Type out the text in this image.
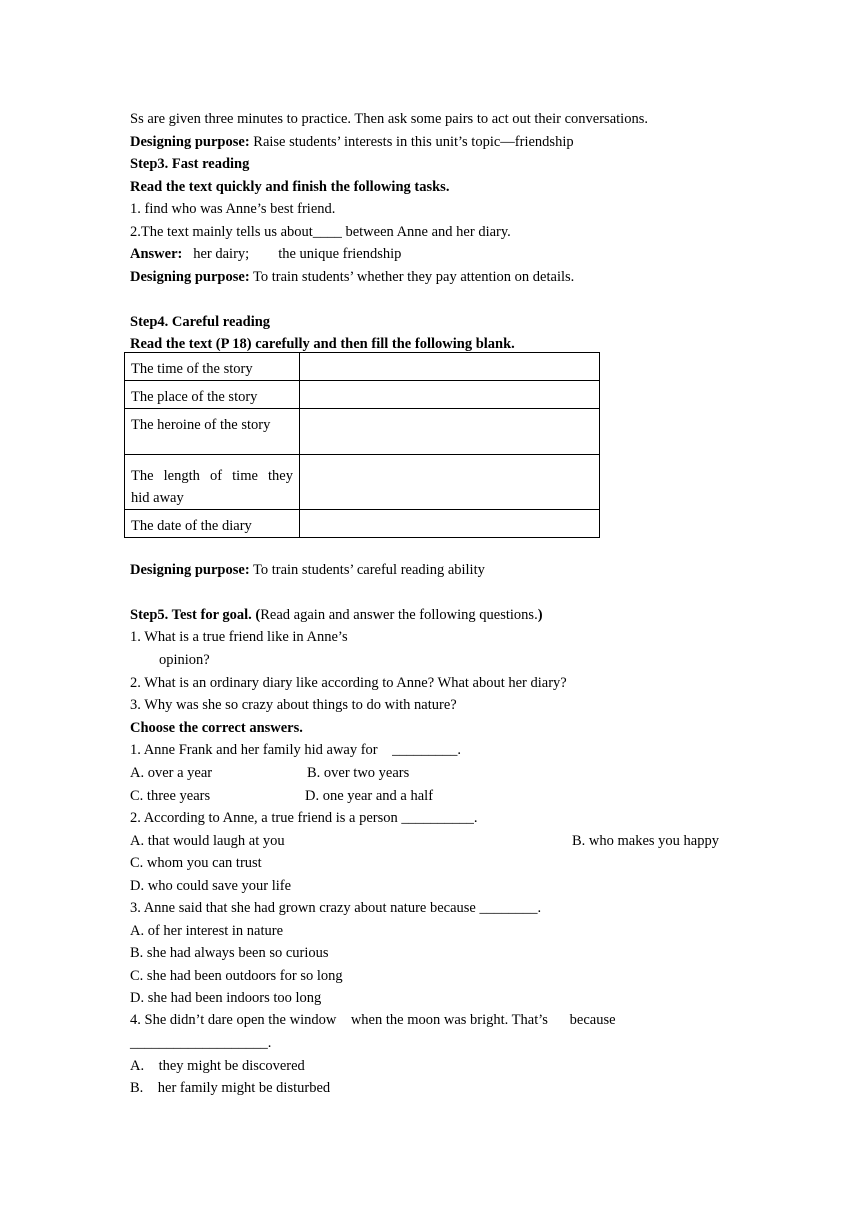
Ss are given three minutes to practice. Then ask some pairs to act out their conversations.
Designing purpose: Raise students’ interests in this unit’s topic—friendship
Step3. Fast reading
Read the text quickly and finish the following tasks.
1. find who was Anne’s best friend.
2.The text mainly tells us about____ between Anne and her diary.
Answer:   her dairy;        the unique friendship
Designing purpose: To train students’ whether they pay attention on details.
Step4. Careful reading
Read the text (P 18) carefully and then fill the following blank.
The time of the story	
The place of the story	
The heroine of the story	

The length of time they
hid away	

The date of the diary	
Designing purpose: To train students’ careful reading ability
Step5. Test for goal. (Read again and answer the following questions.)
1. What is a true friend like in Anne’s
opinion?
2. What is an ordinary diary like according to Anne? What about her diary?
3. Why was she so crazy about things to do with nature?
Choose the correct answers.
1. Anne Frank and her family hid away for    _________.
A. over a year	B. over two years
C. three years	D. one year and a half
2. According to Anne, a true friend is a person __________.
A. that would laugh at you	B. who makes you happy
C. whom you can trust
D. who could save your life
3. Anne said that she had grown crazy about nature because ________.
A. of her interest in nature
B. she had always been so curious
C. she had been outdoors for so long
D. she had been indoors too long
4. She didn’t dare open the window    when the moon was bright. That’s      because
___________________.
A.    they might be discovered
B.    her family might be disturbed
